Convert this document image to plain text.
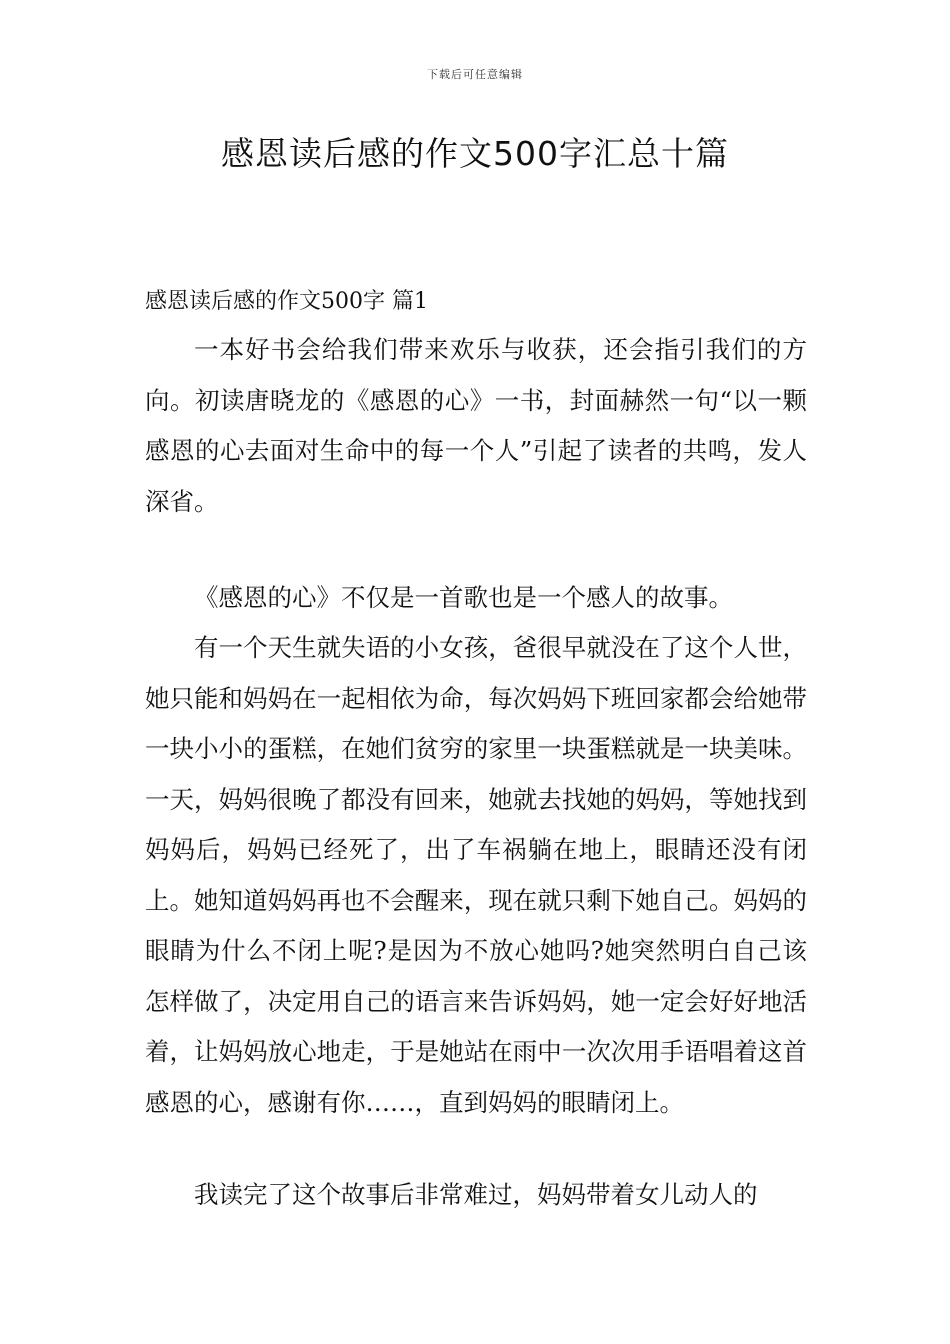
下载后可任意编辑
感恩读后感的作文500字汇总十篇
感恩读后感的作文500字 篇1

一本好书会给我们带来欢乐与收获，还会指引我们的方向。初读唐晓龙的《感恩的心》一书，封面赫然一句“以一颗感恩的心去面对生命中的每一个人”引起了读者的共鸣，发人深省。

《感恩的心》不仅是一首歌也是一个感人的故事。

有一个天生就失语的小女孩，爸很早就没在了这个人世，她只能和妈妈在一起相依为命，每次妈妈下班回家都会给她带一块小小的蛋糕，在她们贫穷的家里一块蛋糕就是一块美味。一天，妈妈很晚了都没有回来，她就去找她的妈妈，等她找到妈妈后，妈妈已经死了，出了车祸躺在地上，眼睛还没有闭上。她知道妈妈再也不会醒来，现在就只剩下她自己。妈妈的眼睛为什么不闭上呢?是因为不放心她吗?她突然明白自己该怎样做了，决定用自己的语言来告诉妈妈，她一定会好好地活着，让妈妈放心地走，于是她站在雨中一次次用手语唱着这首感恩的心，感谢有你……，直到妈妈的眼睛闭上。

我读完了这个故事后非常难过，妈妈带着女儿动人的
